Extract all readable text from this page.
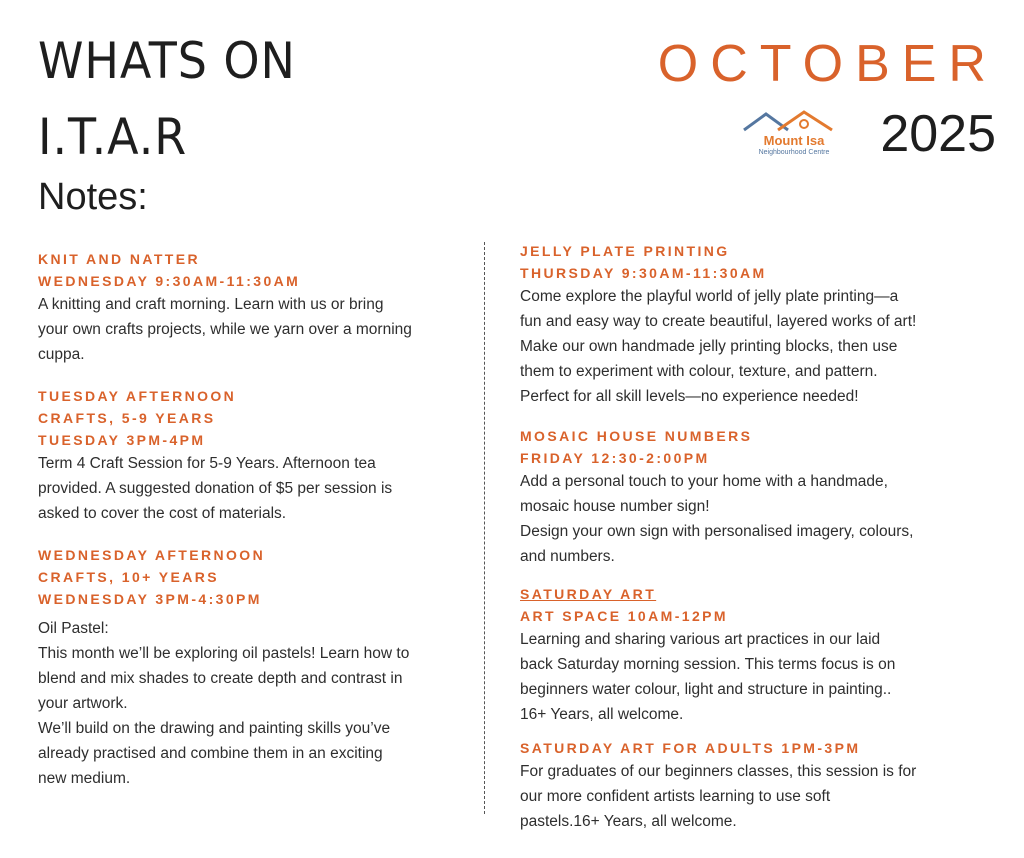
WHATS ON
I.T.A.R
Notes:
OCTOBER
2025
Mount Isa
Neighbourhood Centre
KNIT AND NATTER
WEDNESDAY 9:30AM-11:30AM
A knitting and craft morning. Learn with us or bring
your own crafts projects, while we yarn over a morning
cuppa.
TUESDAY AFTERNOON
CRAFTS, 5-9 YEARS
TUESDAY 3PM-4PM
Term 4 Craft Session for 5-9 Years. Afternoon tea
provided. A suggested donation of $5 per session is
asked to cover the cost of materials.
WEDNESDAY AFTERNOON
CRAFTS, 10+ YEARS
WEDNESDAY 3PM-4:30PM
Oil Pastel:
This month we’ll be exploring oil pastels! Learn how to
blend and mix shades to create depth and contrast in
your artwork.
We’ll build on the drawing and painting skills you’ve
already practised and combine them in an exciting
new medium.
JELLY PLATE PRINTING
THURSDAY 9:30AM-11:30AM
Come explore the playful world of jelly plate printing—a
fun and easy way to create beautiful, layered works of art!
Make our own handmade jelly printing blocks, then use
them to experiment with colour, texture, and pattern.
Perfect for all skill levels—no experience needed!
MOSAIC HOUSE NUMBERS
FRIDAY 12:30-2:00PM
Add a personal touch to your home with a handmade,
mosaic house number sign!
Design your own sign with personalised imagery, colours,
and numbers.
SATURDAY ART
ART SPACE 10AM-12PM
Learning and sharing various art practices in our laid
back Saturday morning session. This terms focus is on
beginners water colour, light and structure in painting..
16+ Years, all welcome.
SATURDAY ART FOR ADULTS 1PM-3PM
For graduates of our beginners classes, this session is for
our more confident artists learning to use soft
pastels.16+ Years, all welcome.
